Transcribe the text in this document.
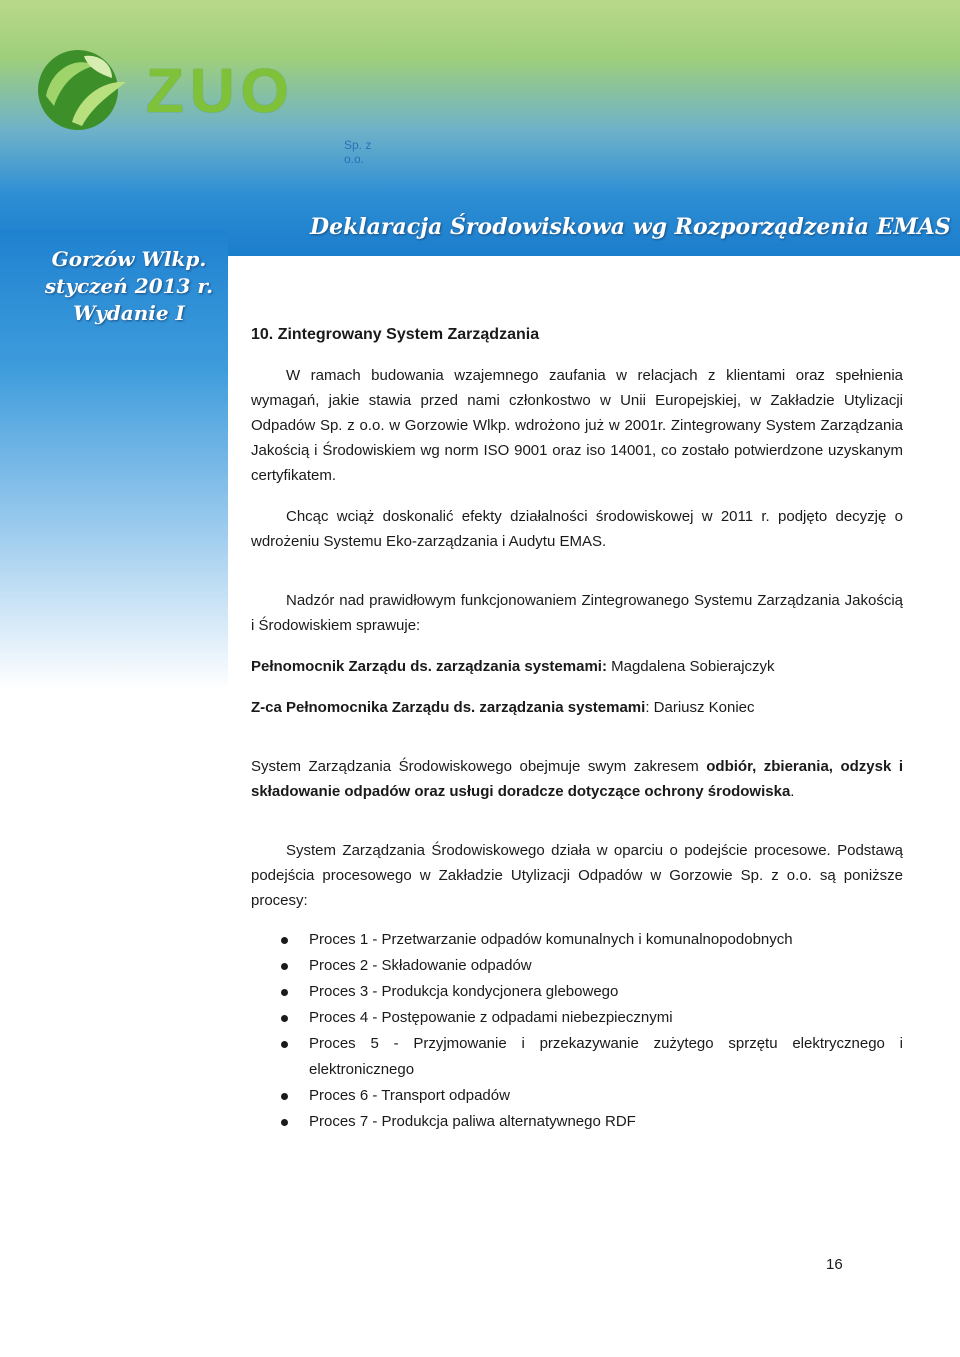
ZUO
Sp. z o.o.
Deklaracja Środowiskowa wg Rozporządzenia EMAS
Gorzów Wlkp.
styczeń 2013 r.
Wydanie I
10. Zintegrowany System Zarządzania

W ramach budowania wzajemnego zaufania w relacjach z klientami oraz spełnienia wymagań, jakie stawia przed nami członkostwo w Unii Europejskiej, w Zakładzie Utylizacji Odpadów Sp. z o.o. w Gorzowie Wlkp. wdrożono już w 2001r. Zintegrowany System Zarządzania Jakością i Środowiskiem wg norm ISO 9001 oraz iso 14001, co zostało potwierdzone uzyskanym certyfikatem.

Chcąc wciąż doskonalić efekty działalności środowiskowej w 2011 r. podjęto decyzję o wdrożeniu Systemu Eko-zarządzania i Audytu EMAS.

Nadzór nad prawidłowym funkcjonowaniem Zintegrowanego Systemu Zarządzania Jakością i Środowiskiem sprawuje:

Pełnomocnik Zarządu ds. zarządzania systemami: Magdalena Sobierajczyk

Z-ca Pełnomocnika Zarządu ds. zarządzania systemami: Dariusz Koniec

System Zarządzania Środowiskowego obejmuje swym zakresem odbiór, zbierania, odzysk i składowanie odpadów oraz usługi doradcze dotyczące ochrony środowiska.

System Zarządzania Środowiskowego działa w oparciu o podejście procesowe. Podstawą podejścia procesowego w Zakładzie Utylizacji Odpadów w Gorzowie Sp. z o.o. są poniższe procesy:

Proces 1 - Przetwarzanie odpadów komunalnych i komunalnopodobnych
Proces 2 - Składowanie odpadów
Proces 3 - Produkcja kondycjonera glebowego
Proces 4 - Postępowanie z odpadami niebezpiecznymi
Proces 5 - Przyjmowanie i przekazywanie zużytego sprzętu elektrycznego i elektronicznego
Proces 6 - Transport odpadów
Proces 7 - Produkcja paliwa alternatywnego RDF
16
